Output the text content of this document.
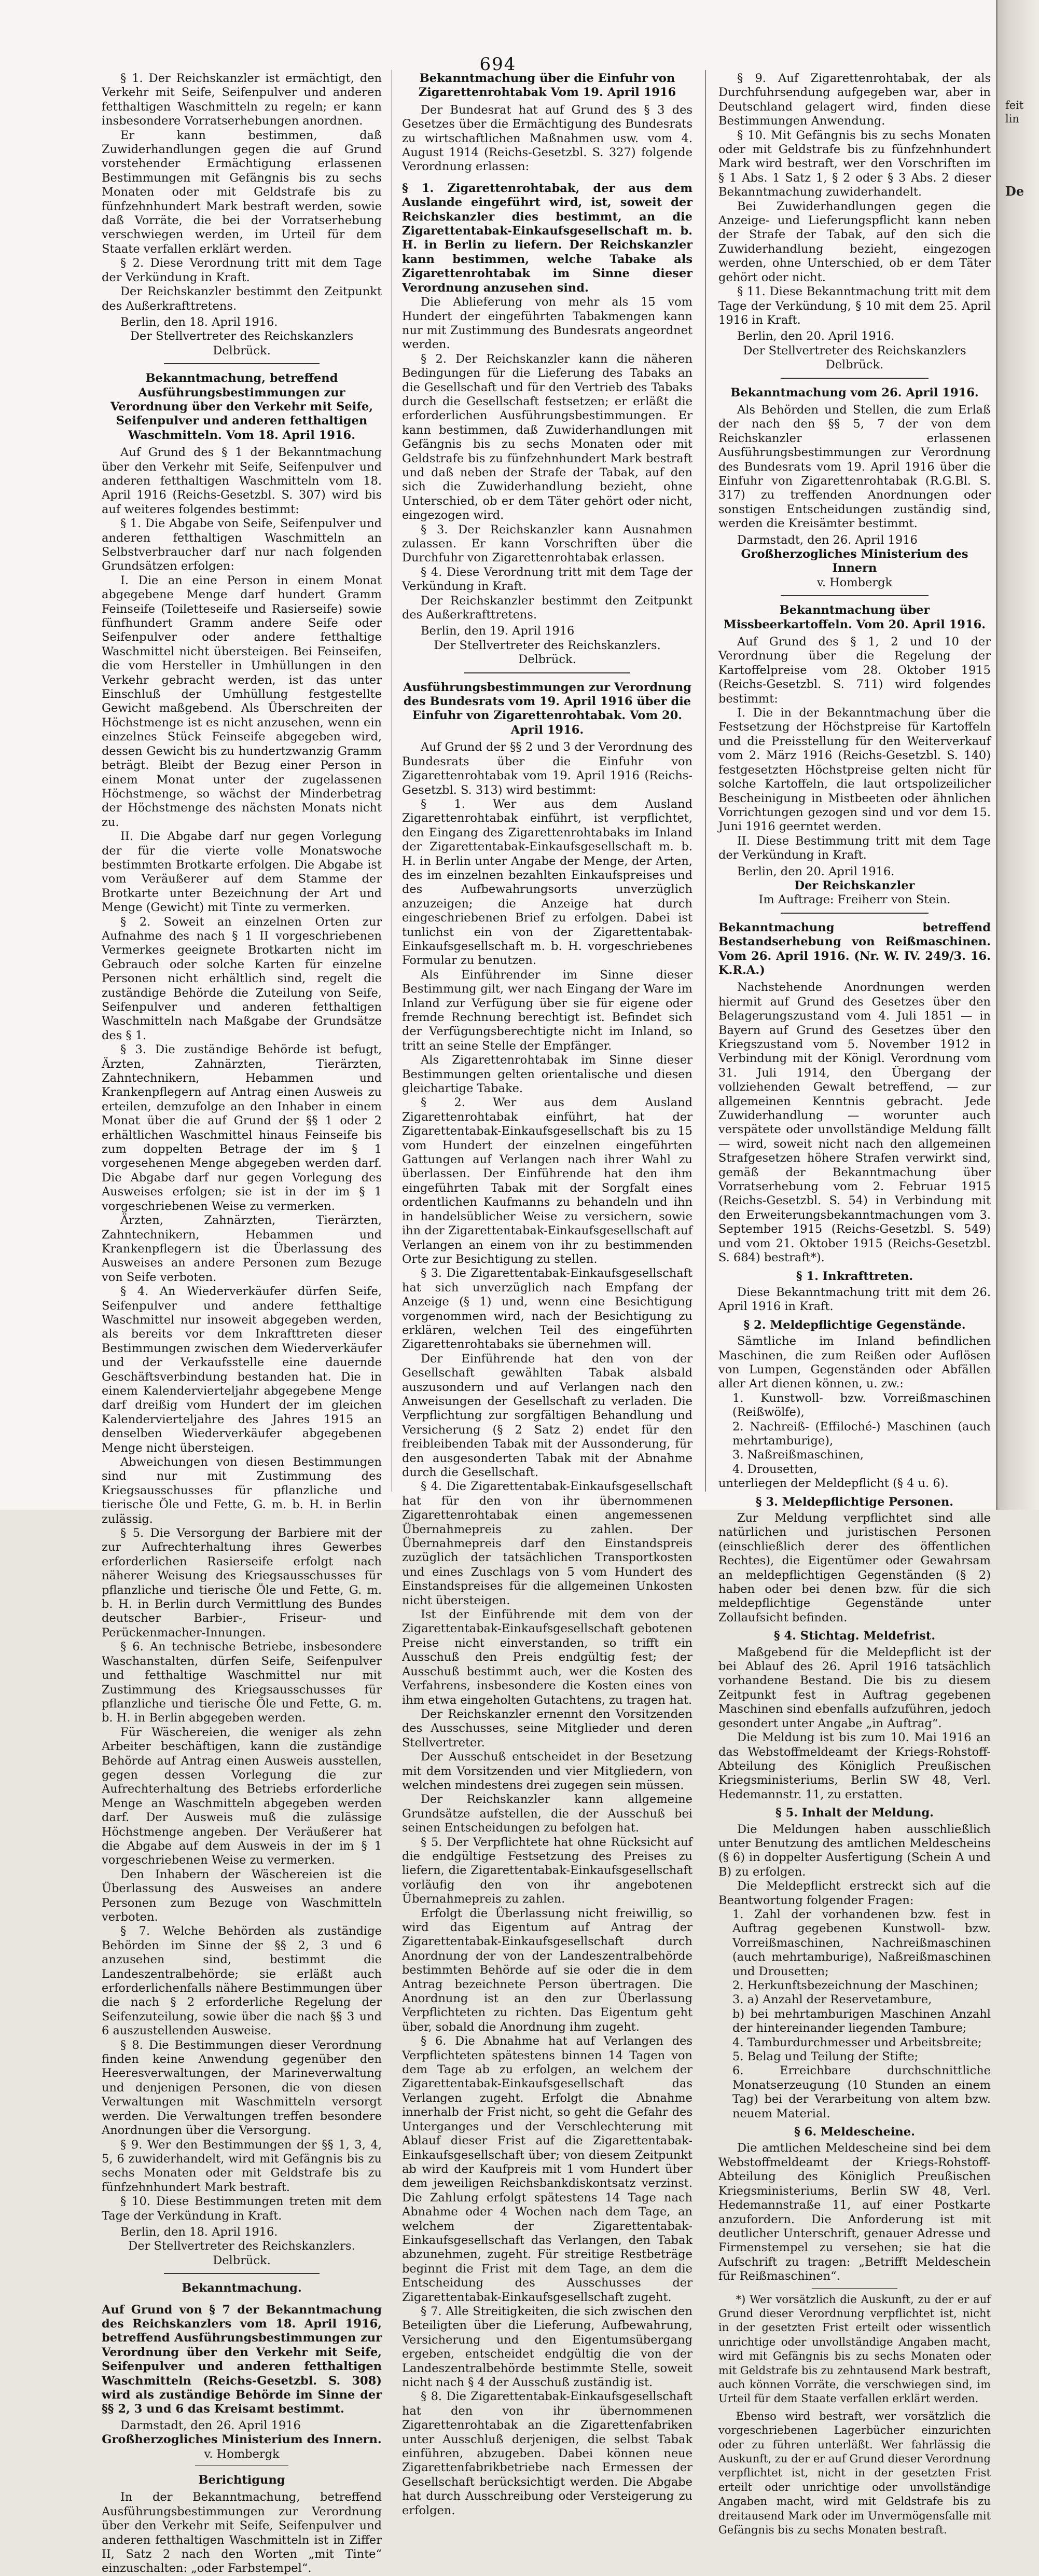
694

§ 1. Der Reichskanzler ist ermächtigt, den Verkehr mit Seife, Seifenpulver und anderen fetthaltigen Waschmitteln zu regeln; er kann insbesondere Vorratserhebungen anordnen.

Er kann bestimmen, daß Zuwiderhandlungen gegen die auf Grund vorstehender Ermächtigung erlassenen Bestimmungen mit Gefängnis bis zu sechs Monaten oder mit Geldstrafe bis zu fünfzehnhundert Mark bestraft werden, sowie daß Vorräte, die bei der Vorratserhebung verschwiegen werden, im Urteil für dem Staate verfallen erklärt werden.

§ 2. Diese Verordnung tritt mit dem Tage der Verkündung in Kraft.

Der Reichskanzler bestimmt den Zeitpunkt des Außerkrafttretens.

Berlin, den 18. April 1916.

Der Stellvertreter des Reichskanzlers

Delbrück.

Bekanntmachung, betreffend Ausführungsbestimmungen zur Verordnung über den Verkehr mit Seife, Seifenpulver und anderen fetthaltigen Waschmitteln. Vom 18. April 1916.

Auf Grund des § 1 der Bekanntmachung über den Verkehr mit Seife, Seifenpulver und anderen fetthaltigen Waschmitteln vom 18. April 1916 (Reichs-Gesetzbl. S. 307) wird bis auf weiteres folgendes bestimmt:

§ 1. Die Abgabe von Seife, Seifenpulver und anderen fetthaltigen Waschmitteln an Selbstverbraucher darf nur nach folgenden Grundsätzen erfolgen:

I. Die an eine Person in einem Monat abgegebene Menge darf hundert Gramm Feinseife (Toiletteseife und Rasierseife) sowie fünfhundert Gramm andere Seife oder Seifenpulver oder andere fetthaltige Waschmittel nicht übersteigen. Bei Feinseifen, die vom Hersteller in Umhüllungen in den Verkehr gebracht werden, ist das unter Einschluß der Umhüllung festgestellte Gewicht maßgebend. Als Überschreiten der Höchstmenge ist es nicht anzusehen, wenn ein einzelnes Stück Feinseife abgegeben wird, dessen Gewicht bis zu hundertzwanzig Gramm beträgt. Bleibt der Bezug einer Person in einem Monat unter der zugelassenen Höchstmenge, so wächst der Minderbetrag der Höchstmenge des nächsten Monats nicht zu.

II. Die Abgabe darf nur gegen Vorlegung der für die vierte volle Monatswoche bestimmten Brotkarte erfolgen. Die Abgabe ist vom Veräußerer auf dem Stamme der Brotkarte unter Bezeichnung der Art und Menge (Gewicht) mit Tinte zu vermerken.

§ 2. Soweit an einzelnen Orten zur Aufnahme des nach § 1 II vorgeschriebenen Vermerkes geeignete Brotkarten nicht im Gebrauch oder solche Karten für einzelne Personen nicht erhältlich sind, regelt die zuständige Behörde die Zuteilung von Seife, Seifenpulver und anderen fetthaltigen Waschmitteln nach Maßgabe der Grundsätze des § 1.

§ 3. Die zuständige Behörde ist befugt, Ärzten, Zahnärzten, Tierärzten, Zahntechnikern, Hebammen und Krankenpflegern auf Antrag einen Ausweis zu erteilen, demzufolge an den Inhaber in einem Monat über die auf Grund der §§ 1 oder 2 erhältlichen Waschmittel hinaus Feinseife bis zum doppelten Betrage der im § 1 vorgesehenen Menge abgegeben werden darf. Die Abgabe darf nur gegen Vorlegung des Ausweises erfolgen; sie ist in der im § 1 vorgeschriebenen Weise zu vermerken.

Ärzten, Zahnärzten, Tierärzten, Zahntechnikern, Hebammen und Krankenpflegern ist die Überlassung des Ausweises an andere Personen zum Bezuge von Seife verboten.

§ 4. An Wiederverkäufer dürfen Seife, Seifenpulver und andere fetthaltige Waschmittel nur insoweit abgegeben werden, als bereits vor dem Inkrafttreten dieser Bestimmungen zwischen dem Wiederverkäufer und der Verkaufsstelle eine dauernde Geschäftsverbindung bestanden hat. Die in einem Kalendervierteljahr abgegebene Menge darf dreißig vom Hundert der im gleichen Kalendervierteljahre des Jahres 1915 an denselben Wiederverkäufer abgegebenen Menge nicht übersteigen.

Abweichungen von diesen Bestimmungen sind nur mit Zustimmung des Kriegsausschusses für pflanzliche und tierische Öle und Fette, G. m. b. H. in Berlin zulässig.

§ 5. Die Versorgung der Barbiere mit der zur Aufrechterhaltung ihres Gewerbes erforderlichen Rasierseife erfolgt nach näherer Weisung des Kriegsausschusses für pflanzliche und tierische Öle und Fette, G. m. b. H. in Berlin durch Vermittlung des Bundes deutscher Barbier-, Friseur- und Perückenmacher-Innungen.

§ 6. An technische Betriebe, insbesondere Waschanstalten, dürfen Seife, Seifenpulver und fetthaltige Waschmittel nur mit Zustimmung des Kriegsausschusses für pflanzliche und tierische Öle und Fette, G. m. b. H. in Berlin abgegeben werden.

Für Wäschereien, die weniger als zehn Arbeiter beschäftigen, kann die zuständige Behörde auf Antrag einen Ausweis ausstellen, gegen dessen Vorlegung die zur Aufrechterhaltung des Betriebs erforderliche Menge an Waschmitteln abgegeben werden darf. Der Ausweis muß die zulässige Höchstmenge angeben. Der Veräußerer hat die Abgabe auf dem Ausweis in der im § 1 vorgeschriebenen Weise zu vermerken.

Den Inhabern der Wäschereien ist die Überlassung des Ausweises an andere Personen zum Bezuge von Waschmitteln verboten.

§ 7. Welche Behörden als zuständige Behörden im Sinne der §§ 2, 3 und 6 anzusehen sind, bestimmt die Landeszentralbehörde; sie erläßt auch erforderlichenfalls nähere Bestimmungen über die nach § 2 erforderliche Regelung der Seifenzuteilung, sowie über die nach §§ 3 und 6 auszustellenden Ausweise.

§ 8. Die Bestimmungen dieser Verordnung finden keine Anwendung gegenüber den Heeresverwaltungen, der Marineverwaltung und denjenigen Personen, die von diesen Verwaltungen mit Waschmitteln versorgt werden. Die Verwaltungen treffen besondere Anordnungen über die Versorgung.

§ 9. Wer den Bestimmungen der §§ 1, 3, 4, 5, 6 zuwiderhandelt, wird mit Gefängnis bis zu sechs Monaten oder mit Geldstrafe bis zu fünfzehnhundert Mark bestraft.

§ 10. Diese Bestimmungen treten mit dem Tage der Verkündung in Kraft.

Berlin, den 18. April 1916.

Der Stellvertreter des Reichskanzlers.

Delbrück.

Bekanntmachung.

Auf Grund von § 7 der Bekanntmachung des Reichskanzlers vom 18. April 1916, betreffend Ausführungsbestimmungen zur Verordnung über den Verkehr mit Seife, Seifenpulver und anderen fetthaltigen Waschmitteln (Reichs-Gesetzbl. S. 308) wird als zuständige Behörde im Sinne der §§ 2, 3 und 6 das Kreisamt bestimmt.

Darmstadt, den 26. April 1916

Großherzogliches Ministerium des Innern.

v. Hombergk

Berichtigung

In der Bekanntmachung, betreffend Ausführungsbestimmungen zur Verordnung über den Verkehr mit Seife, Seifenpulver und anderen fetthaltigen Waschmitteln ist in Ziffer II, Satz 2 nach den Worten „mit Tinte“ einzuschalten: „oder Farbstempel“.

Bekanntmachung über die Einfuhr von Zigarettenrohtabak Vom 19. April 1916

Der Bundesrat hat auf Grund des § 3 des Gesetzes über die Ermächtigung des Bundesrats zu wirtschaftlichen Maßnahmen usw. vom 4. August 1914 (Reichs-Gesetzbl. S. 327) folgende Verordnung erlassen:

§ 1. Zigarettenrohtabak, der aus dem Auslande eingeführt wird, ist, soweit der Reichskanzler dies bestimmt, an die Zigarettentabak-Einkaufsgesellschaft m. b. H. in Berlin zu liefern. Der Reichskanzler kann bestimmen, welche Tabake als Zigarettenrohtabak im Sinne dieser Verordnung anzusehen sind.

Die Ablieferung von mehr als 15 vom Hundert der eingeführten Tabakmengen kann nur mit Zustimmung des Bundesrats angeordnet werden.

§ 2. Der Reichskanzler kann die näheren Bedingungen für die Lieferung des Tabaks an die Gesellschaft und für den Vertrieb des Tabaks durch die Gesellschaft festsetzen; er erläßt die erforderlichen Ausführungsbestimmungen. Er kann bestimmen, daß Zuwiderhandlungen mit Gefängnis bis zu sechs Monaten oder mit Geldstrafe bis zu fünfzehnhundert Mark bestraft und daß neben der Strafe der Tabak, auf den sich die Zuwiderhandlung bezieht, ohne Unterschied, ob er dem Täter gehört oder nicht, eingezogen wird.

§ 3. Der Reichskanzler kann Ausnahmen zulassen. Er kann Vorschriften über die Durchfuhr von Zigarettenrohtabak erlassen.

§ 4. Diese Verordnung tritt mit dem Tage der Verkündung in Kraft.

Der Reichskanzler bestimmt den Zeitpunkt des Außerkrafttretens.

Berlin, den 19. April 1916

Der Stellvertreter des Reichskanzlers.

Delbrück.

Ausführungsbestimmungen zur Verordnung des Bundesrats vom 19. April 1916 über die Einfuhr von Zigarettenrohtabak. Vom 20. April 1916.

Auf Grund der §§ 2 und 3 der Verordnung des Bundesrats über die Einfuhr von Zigarettenrohtabak vom 19. April 1916 (Reichs-Gesetzbl. S. 313) wird bestimmt:

§ 1. Wer aus dem Ausland Zigarettenrohtabak einführt, ist verpflichtet, den Eingang des Zigarettenrohtabaks im Inland der Zigarettentabak-Einkaufsgesellschaft m. b. H. in Berlin unter Angabe der Menge, der Arten, des im einzelnen bezahlten Einkaufspreises und des Aufbewahrungsorts unverzüglich anzuzeigen; die Anzeige hat durch eingeschriebenen Brief zu erfolgen. Dabei ist tunlichst ein von der Zigarettentabak-Einkaufsgesellschaft m. b. H. vorgeschriebenes Formular zu benutzen.

Als Einführender im Sinne dieser Bestimmung gilt, wer nach Eingang der Ware im Inland zur Verfügung über sie für eigene oder fremde Rechnung berechtigt ist. Befindet sich der Verfügungsberechtigte nicht im Inland, so tritt an seine Stelle der Empfänger.

Als Zigarettenrohtabak im Sinne dieser Bestimmungen gelten orientalische und diesen gleichartige Tabake.

§ 2. Wer aus dem Ausland Zigarettenrohtabak einführt, hat der Zigarettentabak-Einkaufsgesellschaft bis zu 15 vom Hundert der einzelnen eingeführten Gattungen auf Verlangen nach ihrer Wahl zu überlassen. Der Einführende hat den ihm eingeführten Tabak mit der Sorgfalt eines ordentlichen Kaufmanns zu behandeln und ihn in handelsüblicher Weise zu versichern, sowie ihn der Zigarettentabak-Einkaufsgesellschaft auf Verlangen an einem von ihr zu bestimmenden Orte zur Besichtigung zu stellen.

§ 3. Die Zigarettentabak-Einkaufsgesellschaft hat sich unverzüglich nach Empfang der Anzeige (§ 1) und, wenn eine Besichtigung vorgenommen wird, nach der Besichtigung zu erklären, welchen Teil des eingeführten Zigarettenrohtabaks sie übernehmen will.

Der Einführende hat den von der Gesellschaft gewählten Tabak alsbald auszusondern und auf Verlangen nach den Anweisungen der Gesellschaft zu verladen. Die Verpflichtung zur sorgfältigen Behandlung und Versicherung (§ 2 Satz 2) endet für den freibleibenden Tabak mit der Aussonderung, für den ausgesonderten Tabak mit der Abnahme durch die Gesellschaft.

§ 4. Die Zigarettentabak-Einkaufsgesellschaft hat für den von ihr übernommenen Zigarettenrohtabak einen angemessenen Übernahmepreis zu zahlen. Der Übernahmepreis darf den Einstandspreis zuzüglich der tatsächlichen Transportkosten und eines Zuschlags von 5 vom Hundert des Einstandspreises für die allgemeinen Unkosten nicht übersteigen.

Ist der Einführende mit dem von der Zigarettentabak-Einkaufsgesellschaft gebotenen Preise nicht einverstanden, so trifft ein Ausschuß den Preis endgültig fest; der Ausschuß bestimmt auch, wer die Kosten des Verfahrens, insbesondere die Kosten eines von ihm etwa eingeholten Gutachtens, zu tragen hat.

Der Reichskanzler ernennt den Vorsitzenden des Ausschusses, seine Mitglieder und deren Stellvertreter.

Der Ausschuß entscheidet in der Besetzung mit dem Vorsitzenden und vier Mitgliedern, von welchen mindestens drei zugegen sein müssen.

Der Reichskanzler kann allgemeine Grundsätze aufstellen, die der Ausschuß bei seinen Entscheidungen zu befolgen hat.

§ 5. Der Verpflichtete hat ohne Rücksicht auf die endgültige Festsetzung des Preises zu liefern, die Zigarettentabak-Einkaufsgesellschaft vorläufig den von ihr angebotenen Übernahmepreis zu zahlen.

Erfolgt die Überlassung nicht freiwillig, so wird das Eigentum auf Antrag der Zigarettentabak-Einkaufsgesellschaft durch Anordnung der von der Landeszentralbehörde bestimmten Behörde auf sie oder die in dem Antrag bezeichnete Person übertragen. Die Anordnung ist an den zur Überlassung Verpflichteten zu richten. Das Eigentum geht über, sobald die Anordnung ihm zugeht.

§ 6. Die Abnahme hat auf Verlangen des Verpflichteten spätestens binnen 14 Tagen von dem Tage ab zu erfolgen, an welchem der Zigarettentabak-Einkaufsgesellschaft das Verlangen zugeht. Erfolgt die Abnahme innerhalb der Frist nicht, so geht die Gefahr des Unterganges und der Verschlechterung mit Ablauf dieser Frist auf die Zigarettentabak-Einkaufsgesellschaft über; von diesem Zeitpunkt ab wird der Kaufpreis mit 1 vom Hundert über dem jeweiligen Reichsbankdiskontsatz verzinst. Die Zahlung erfolgt spätestens 14 Tage nach Abnahme oder 4 Wochen nach dem Tage, an welchem der Zigarettentabak-Einkaufsgesellschaft das Verlangen, den Tabak abzunehmen, zugeht. Für streitige Restbeträge beginnt die Frist mit dem Tage, an dem die Entscheidung des Ausschusses der Zigarettentabak-Einkaufsgesellschaft zugeht.

§ 7. Alle Streitigkeiten, die sich zwischen den Beteiligten über die Lieferung, Aufbewahrung, Versicherung und den Eigentumsübergang ergeben, entscheidet endgültig die von der Landeszentralbehörde bestimmte Stelle, soweit nicht nach § 4 der Ausschuß zuständig ist.

§ 8. Die Zigarettentabak-Einkaufsgesellschaft hat den von ihr übernommenen Zigarettenrohtabak an die Zigarettenfabriken unter Ausschluß derjenigen, die selbst Tabak einführen, abzugeben. Dabei können neue Zigarettenfabrikbetriebe nach Ermessen der Gesellschaft berücksichtigt werden. Die Abgabe hat durch Ausschreibung oder Versteigerung zu erfolgen.

§ 9. Auf Zigarettenrohtabak, der als Durchfuhrsendung aufgegeben war, aber in Deutschland gelagert wird, finden diese Bestimmungen Anwendung.

§ 10. Mit Gefängnis bis zu sechs Monaten oder mit Geldstrafe bis zu fünfzehnhundert Mark wird bestraft, wer den Vorschriften im § 1 Abs. 1 Satz 1, § 2 oder § 3 Abs. 2 dieser Bekanntmachung zuwiderhandelt.

Bei Zuwiderhandlungen gegen die Anzeige- und Lieferungspflicht kann neben der Strafe der Tabak, auf den sich die Zuwiderhandlung bezieht, eingezogen werden, ohne Unterschied, ob er dem Täter gehört oder nicht.

§ 11. Diese Bekanntmachung tritt mit dem Tage der Verkündung, § 10 mit dem 25. April 1916 in Kraft.

Berlin, den 20. April 1916.

Der Stellvertreter des Reichskanzlers

Delbrück.

Bekanntmachung vom 26. April 1916.

Als Behörden und Stellen, die zum Erlaß der nach den §§ 5, 7 der von dem Reichskanzler erlassenen Ausführungsbestimmungen zur Verordnung des Bundesrats vom 19. April 1916 über die Einfuhr von Zigarettenrohtabak (R.G.Bl. S. 317) zu treffenden Anordnungen oder sonstigen Entscheidungen zuständig sind, werden die Kreisämter bestimmt.

Darmstadt, den 26. April 1916

Großherzogliches Ministerium des Innern

v. Hombergk

Bekanntmachung über Missbeerkartoffeln. Vom 20. April 1916.

Auf Grund des § 1, 2 und 10 der Verordnung über die Regelung der Kartoffelpreise vom 28. Oktober 1915 (Reichs-Gesetzbl. S. 711) wird folgendes bestimmt:

I. Die in der Bekanntmachung über die Festsetzung der Höchstpreise für Kartoffeln und die Preisstellung für den Weiterverkauf vom 2. März 1916 (Reichs-Gesetzbl. S. 140) festgesetzten Höchstpreise gelten nicht für solche Kartoffeln, die laut ortspolizeilicher Bescheinigung in Mistbeeten oder ähnlichen Vorrichtungen gezogen sind und vor dem 15. Juni 1916 geerntet werden.

II. Diese Bestimmung tritt mit dem Tage der Verkündung in Kraft.

Berlin, den 20. April 1916.

Der Reichskanzler

Im Auftrage: Freiherr von Stein.

Bekanntmachung betreffend Bestandserhebung von Reißmaschinen. Vom 26. April 1916. (Nr. W. IV. 249/3. 16. K.R.A.)

Nachstehende Anordnungen werden hiermit auf Grund des Gesetzes über den Belagerungszustand vom 4. Juli 1851 — in Bayern auf Grund des Gesetzes über den Kriegszustand vom 5. November 1912 in Verbindung mit der Königl. Verordnung vom 31. Juli 1914, den Übergang der vollziehenden Gewalt betreffend, — zur allgemeinen Kenntnis gebracht. Jede Zuwiderhandlung — worunter auch verspätete oder unvollständige Meldung fällt — wird, soweit nicht nach den allgemeinen Strafgesetzen höhere Strafen verwirkt sind, gemäß der Bekanntmachung über Vorratserhebung vom 2. Februar 1915 (Reichs-Gesetzbl. S. 54) in Verbindung mit den Erweiterungsbekanntmachungen vom 3. September 1915 (Reichs-Gesetzbl. S. 549) und vom 21. Oktober 1915 (Reichs-Gesetzbl. S. 684) bestraft*).

§ 1. Inkrafttreten.

Diese Bekanntmachung tritt mit dem 26. April 1916 in Kraft.

§ 2. Meldepflichtige Gegenstände.

Sämtliche im Inland befindlichen Maschinen, die zum Reißen oder Auflösen von Lumpen, Gegenständen oder Abfällen aller Art dienen können, u. zw.:

1. Kunstwoll- bzw. Vorreißmaschinen (Reißwölfe),

2. Nachreiß- (Effiloché-) Maschinen (auch mehrtamburige),

3. Naßreißmaschinen,

4. Drousetten,

unterliegen der Meldepflicht (§ 4 u. 6).

§ 3. Meldepflichtige Personen.

Zur Meldung verpflichtet sind alle natürlichen und juristischen Personen (einschließlich derer des öffentlichen Rechtes), die Eigentümer oder Gewahrsam an meldepflichtigen Gegenständen (§ 2) haben oder bei denen bzw. für die sich meldepflichtige Gegenstände unter Zollaufsicht befinden.

§ 4. Stichtag. Meldefrist.

Maßgebend für die Meldepflicht ist der bei Ablauf des 26. April 1916 tatsächlich vorhandene Bestand. Die bis zu diesem Zeitpunkt fest in Auftrag gegebenen Maschinen sind ebenfalls aufzuführen, jedoch gesondert unter Angabe „in Auftrag“.

Die Meldung ist bis zum 10. Mai 1916 an das Webstoffmeldeamt der Kriegs-Rohstoff-Abteilung des Königlich Preußischen Kriegsministeriums, Berlin SW 48, Verl. Hedemannstr. 11, zu erstatten.

§ 5. Inhalt der Meldung.

Die Meldungen haben ausschließlich unter Benutzung des amtlichen Meldescheins (§ 6) in doppelter Ausfertigung (Schein A und B) zu erfolgen.

Die Meldepflicht erstreckt sich auf die Beantwortung folgender Fragen:

1. Zahl der vorhandenen bzw. fest in Auftrag gegebenen Kunstwoll- bzw. Vorreißmaschinen, Nachreißmaschinen (auch mehrtamburige), Naßreißmaschinen und Drousetten;

2. Herkunftsbezeichnung der Maschinen;

3. a) Anzahl der Reservetambure,

b) bei mehrtamburigen Maschinen Anzahl der hintereinander liegenden Tambure;

4. Tamburdurchmesser und Arbeitsbreite;

5. Belag und Teilung der Stifte;

6. Erreichbare durchschnittliche Monatserzeugung (10 Stunden an einem Tag) bei der Verarbeitung von altem bzw. neuem Material.

§ 6. Meldescheine.

Die amtlichen Meldescheine sind bei dem Webstoffmeldeamt der Kriegs-Rohstoff-Abteilung des Königlich Preußischen Kriegsministeriums, Berlin SW 48, Verl. Hedemannstraße 11, auf einer Postkarte anzufordern. Die Anforderung ist mit deutlicher Unterschrift, genauer Adresse und Firmenstempel zu versehen; sie hat die Aufschrift zu tragen: „Betrifft Meldeschein für Reißmaschinen“.

*) Wer vorsätzlich die Auskunft, zu der er auf Grund dieser Verordnung verpflichtet ist, nicht in der gesetzten Frist erteilt oder wissentlich unrichtige oder unvollständige Angaben macht, wird mit Gefängnis bis zu sechs Monaten oder mit Geldstrafe bis zu zehntausend Mark bestraft, auch können Vorräte, die verschwiegen sind, im Urteil für dem Staate verfallen erklärt werden.

Ebenso wird bestraft, wer vorsätzlich die vorgeschriebenen Lagerbücher einzurichten oder zu führen unterläßt. Wer fahrlässig die Auskunft, zu der er auf Grund dieser Verordnung verpflichtet ist, nicht in der gesetzten Frist erteilt oder unrichtige oder unvollständige Angaben macht, wird mit Geldstrafe bis zu dreitausend Mark oder im Unvermögensfalle mit Gefängnis bis zu sechs Monaten bestraft.

feit
lin
De
